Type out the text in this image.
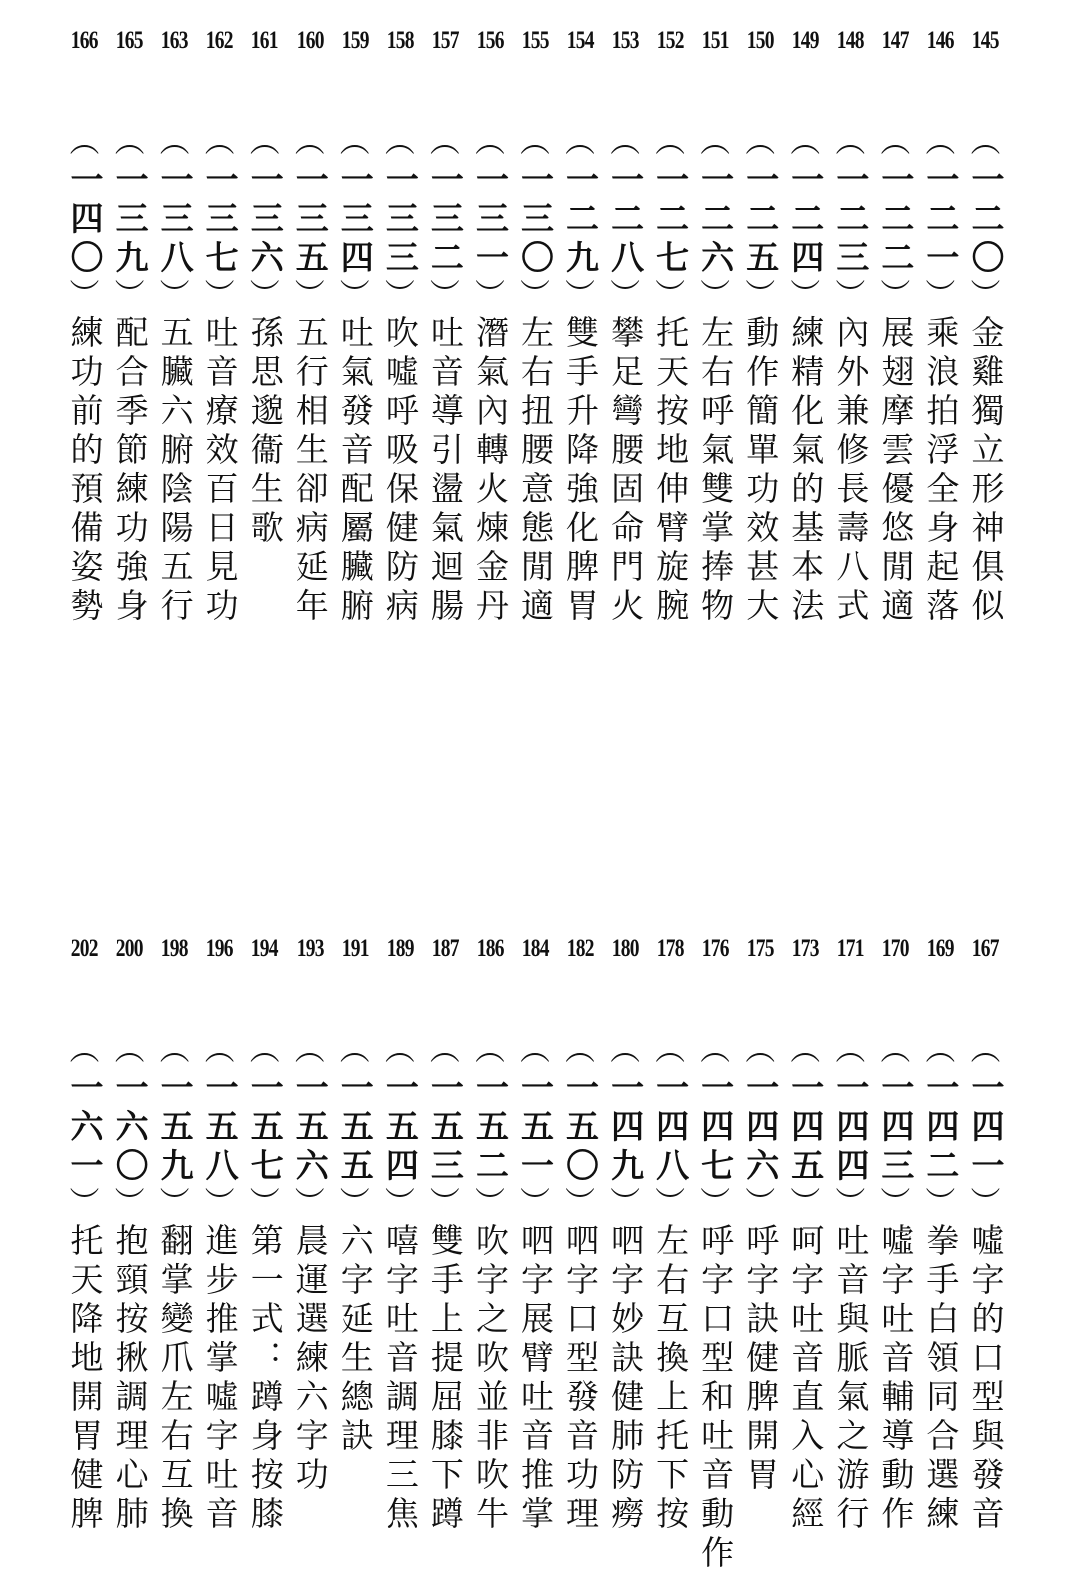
145
︵
一二〇
︶
金雞獨立形神俱似
146
︵
一二一
︶
乘浪拍浮全身起落
147
︵
一二二
︶
展翅摩雲優悠閒適
148
︵
一二三
︶
內外兼修長壽八式
149
︵
一二四
︶
練精化氣的基本法
150
︵
一二五
︶
動作簡單功效甚大
151
︵
一二六
︶
左右呼氣雙掌捧物
152
︵
一二七
︶
托天按地伸臂旋腕
153
︵
一二八
︶
攀足彎腰固命門火
154
︵
一二九
︶
雙手升降強化脾胃
155
︵
一三〇
︶
左右扭腰意態閒適
156
︵
一三一
︶
潛氣內轉火煉金丹
157
︵
一三二
︶
吐音導引盪氣迴腸
158
︵
一三三
︶
吹噓呼吸保健防病
159
︵
一三四
︶
吐氣發音配屬臟腑
160
︵
一三五
︶
五行相生卻病延年
161
︵
一三六
︶
孫思邈衞生歌
162
︵
一三七
︶
吐音療效百日見功
163
︵
一三八
︶
五臟六腑陰陽五行
165
︵
一三九
︶
配合季節練功強身
166
︵
一四〇
︶
練功前的預備姿勢
167
︵
一四一
︶
噓字的口型與發音
169
︵
一四二
︶
拳手白領同合選練
170
︵
一四三
︶
噓字吐音輔導動作
171
︵
一四四
︶
吐音與脈氣之游行
173
︵
一四五
︶
呵字吐音直入心經
175
︵
一四六
︶
呼字訣健脾開胃
176
︵
一四七
︶
呼字口型和吐音動作
178
︵
一四八
︶
左右互換上托下按
180
︵
一四九
︶
呬字妙訣健肺防癆
182
︵
一五〇
︶
呬字口型發音功理
184
︵
一五一
︶
呬字展臂吐音推掌
186
︵
一五二
︶
吹字之吹並非吹牛
187
︵
一五三
︶
雙手上提屈膝下蹲
189
︵
一五四
︶
嘻字吐音調理三焦
191
︵
一五五
︶
六字延生總訣
193
︵
一五六
︶
晨運選練六字功
194
︵
一五七
︶
第一式：蹲身按膝
196
︵
一五八
︶
進步推掌噓字吐音
198
︵
一五九
︶
翻掌變爪左右互換
200
︵
一六〇
︶
抱頸按揪調理心肺
202
︵
一六一
︶
托天降地開胃健脾
